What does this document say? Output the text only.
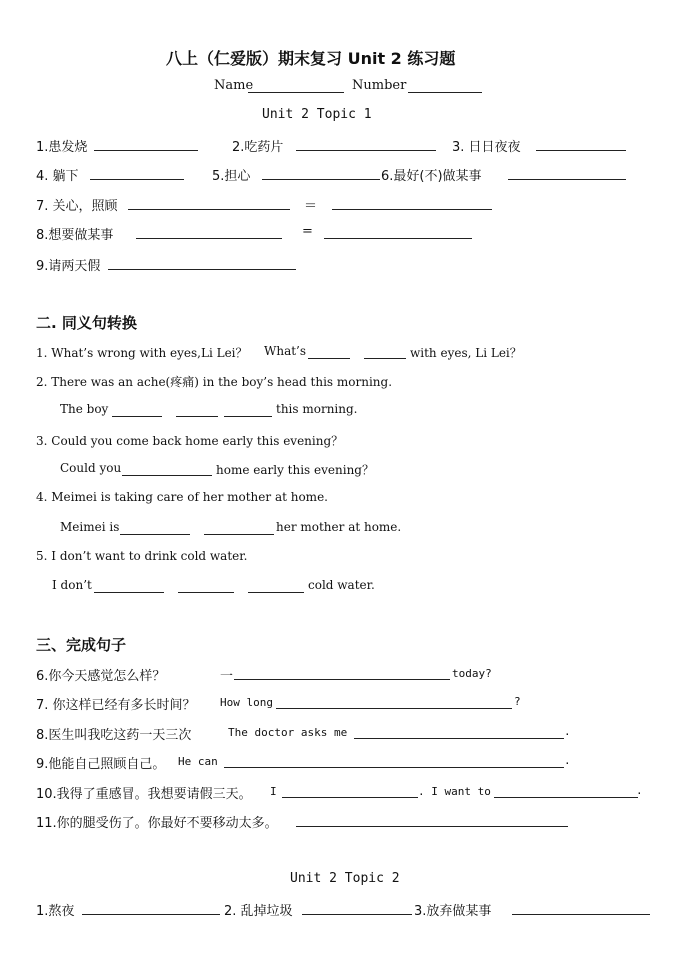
八上（仁爱版）期末复习 Unit 2 练习题
Name	Number
Unit 2 Topic 1
1.患发烧	2.吃药片	3. 日日夜夜
4. 躺下	5.担心	6.最好(不)做某事
7. 关心，照顾	＝
8.想要做某事	=
9.请两天假
二. 同义句转换
1. What’s wrong with eyes,Li Lei？ What’s	with eyes, Li Lei？
2. There was an ache(疼痛) in the boy’s head this morning.
The boy	this morning.
3. Could you come back home early this evening？
Could you	home early this evening？
4. Meimei is taking care of her mother at home.
Meimei is	her mother at home.
5. I don’t want to drink cold water.
I don’t	cold water.
三、完成句子
6.你今天感觉怎么样？	一	today?
7. 你这样已经有多长时间？ How long	?
8.医生叫我吃这药一天三次	The doctor asks me	.
9.他能自己照顾自己。 He can	.
10.我得了重感冒。我想要请假三天。 I	. I want to	.
11.你的腿受伤了。你最好不要移动太多。
Unit 2 Topic 2
1.熬夜	2. 乱掉垃圾	3.放弃做某事
